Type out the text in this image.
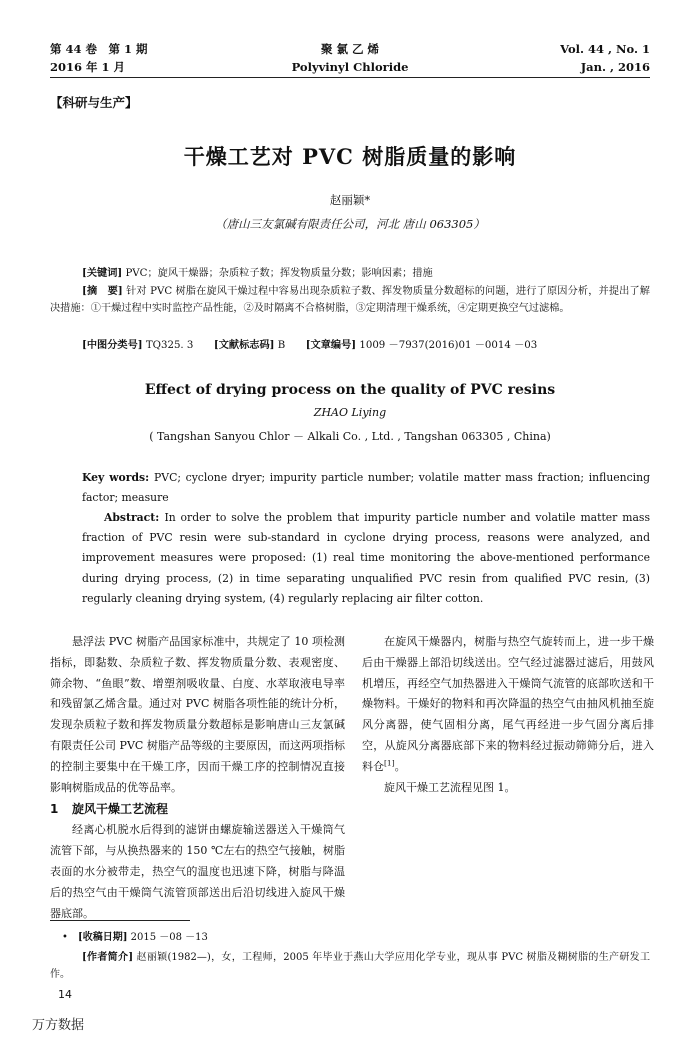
第 44 卷　第 1 期
2016 年 1 月
聚 氯 乙 烯
Polyvinyl Chloride
Vol. 44 , No. 1
Jan. , 2016
【科研与生产】
干燥工艺对 PVC 树脂质量的影响
赵丽颖*
（唐山三友氯碱有限责任公司，河北 唐山 063305）
[关键词] PVC；旋风干燥器；杂质粒子数；挥发物质量分数；影响因素；措施
[摘　要] 针对 PVC 树脂在旋风干燥过程中容易出现杂质粒子数、挥发物质量分数超标的问题，进行了原因分析，并提出了解决措施：①干燥过程中实时监控产品性能，②及时隔离不合格树脂，③定期清理干燥系统，④定期更换空气过滤棉。
[中图分类号] TQ325. 3 [文献标志码] B [文章编号] 1009 －7937(2016)01 －0014 －03
Effect of drying process on the quality of PVC resins
ZHAO Liying
( Tangshan Sanyou Chlor － Alkali Co. , Ltd. , Tangshan 063305 , China)
Key words: PVC; cyclone dryer; impurity particle number; volatile matter mass fraction; influencing factor; measure
Abstract: In order to solve the problem that impurity particle number and volatile matter mass fraction of PVC resin were sub-standard in cyclone drying process, reasons were analyzed, and improvement measures were proposed: (1) real time monitoring the above-mentioned performance during drying process, (2) in time separating unqualified PVC resin from qualified PVC resin, (3) regularly cleaning drying system, (4) regularly replacing air filter cotton.

悬浮法 PVC 树脂产品国家标准中，共规定了 10 项检测指标，即黏数、杂质粒子数、挥发物质量分数、表观密度、筛余物、“鱼眼”数、增塑剂吸收量、白度、水萃取液电导率和残留氯乙烯含量。通过对 PVC 树脂各项性能的统计分析，发现杂质粒子数和挥发物质量分数超标是影响唐山三友氯碱有限责任公司 PVC 树脂产品等级的主要原因，而这两项指标的控制主要集中在干燥工序，因而干燥工序的控制情况直接影响树脂成品的优等品率。

1 旋风干燥工艺流程

经离心机脱水后得到的滤饼由螺旋输送器送入干燥筒气流管下部，与从换热器来的 150 ℃左右的热空气接触，树脂表面的水分被带走，热空气的温度也迅速下降，树脂与降温后的热空气由干燥筒气流管顶部送出后沿切线进入旋风干燥器底部。

在旋风干燥器内，树脂与热空气旋转而上，进一步干燥后由干燥器上部沿切线送出。空气经过滤器过滤后，用鼓风机增压，再经空气加热器进入干燥筒气流管的底部吹送和干燥物料。干燥好的物料和再次降温的热空气由抽风机抽至旋风分离器，使气固相分离，尾气再经进一步气固分离后排空，从旋风分离器底部下来的物料经过振动筛筛分后，进入料仓[1]。

旋风干燥工艺流程见图 1。

• [收稿日期] 2015 －08 －13
[作者简介] 赵丽颖(1982—)，女，工程师，2005 年毕业于燕山大学应用化学专业，现从事 PVC 树脂及糊树脂的生产研发工作。
14
万方数据
